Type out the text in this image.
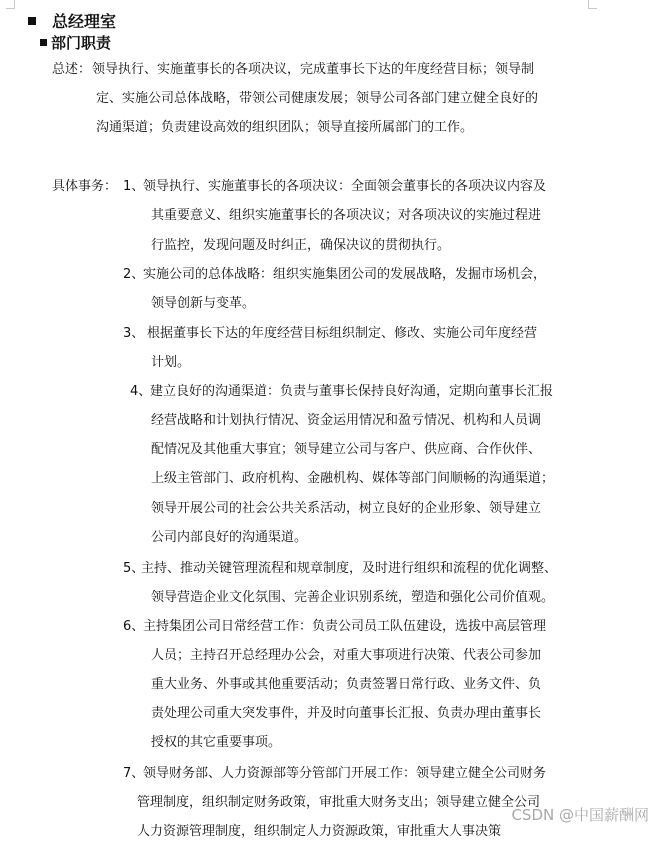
总经理室
部门职责
总述： 领导执行、实施董事长的各项决议，完成董事长下达的年度经营目标；领导制
定、实施公司总体战略，带领公司健康发展；领导公司各部门建立健全良好的
沟通渠道；负责建设高效的组织团队；领导直接所属部门的工作。
具体事务： 1、
领导执行、实施董事长的各项决议：全面领会董事长的各项决议内容及
其重要意义、组织实施董事长的各项决议；对各项决议的实施过程进
行监控，发现问题及时纠正，确保决议的贯彻执行。
2、
实施公司的总体战略：组织实施集团公司的发展战略，发掘市场机会，
领导创新与变革。
3、 根据董事长下达的年度经营目标组织制定、修改、实施公司年度经营
计划。
4、
建立良好的沟通渠道：负责与董事长保持良好沟通，定期向董事长汇报
经营战略和计划执行情况、资金运用情况和盈亏情况、机构和人员调
配情况及其他重大事宜；领导建立公司与客户、供应商、合作伙伴、
上级主管部门、政府机构、金融机构、媒体等部门间顺畅的沟通渠道；
领导开展公司的社会公共关系活动，树立良好的企业形象、领导建立
公司内部良好的沟通渠道。
5、
主持、推动关键管理流程和规章制度，及时进行组织和流程的优化调整、
领导营造企业文化氛围、完善企业识别系统，塑造和强化公司价值观。
6、
主持集团公司日常经营工作：负责公司员工队伍建设，选拔中高层管理
人员；主持召开总经理办公会，对重大事项进行决策、代表公司参加
重大业务、外事或其他重要活动；负责签署日常行政、业务文件、负
责处理公司重大突发事件，并及时向董事长汇报、负责办理由董事长
授权的其它重要事项。
7、
领导财务部、人力资源部等分管部门开展工作：领导建立健全公司财务
管理制度，组织制定财务政策，审批重大财务支出；领导建立健全公司
人力资源管理制度，组织制定人力资源政策，审批重大人事决策
CSDN @中国薪酬网
